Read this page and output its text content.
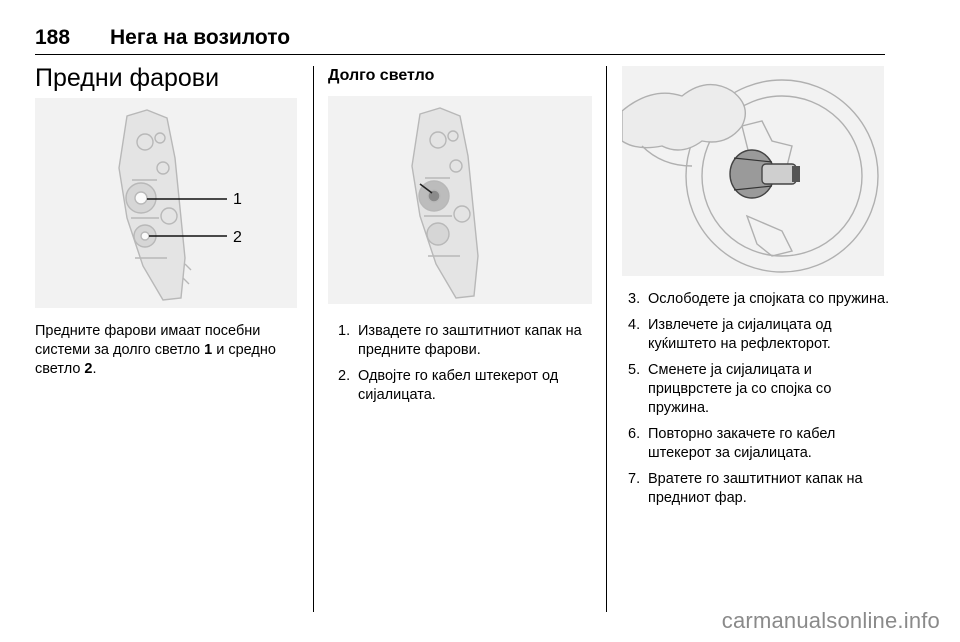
188 Нега на возилото
Предни фарови
1
2
Предните фарови имаат посебни системи за долго светло 1 и средно светло 2.
Долго светло
1. Извадете го заштитниот капак на предните фарови.
2. Одвојте го кабел штекерот од сијалицата.
3. Ослободете ја спојката со пружина.
4. Извлечете ја сијалицата од куќиштето на рефлекторот.
5. Сменете ја сијалицата и прицврстете ја со спојка со пружина.
6. Повторно закачете го кабел штекерот за сијалицата.
7. Вратете го заштитниот капак на предниот фар.
carmanualsonline.info
